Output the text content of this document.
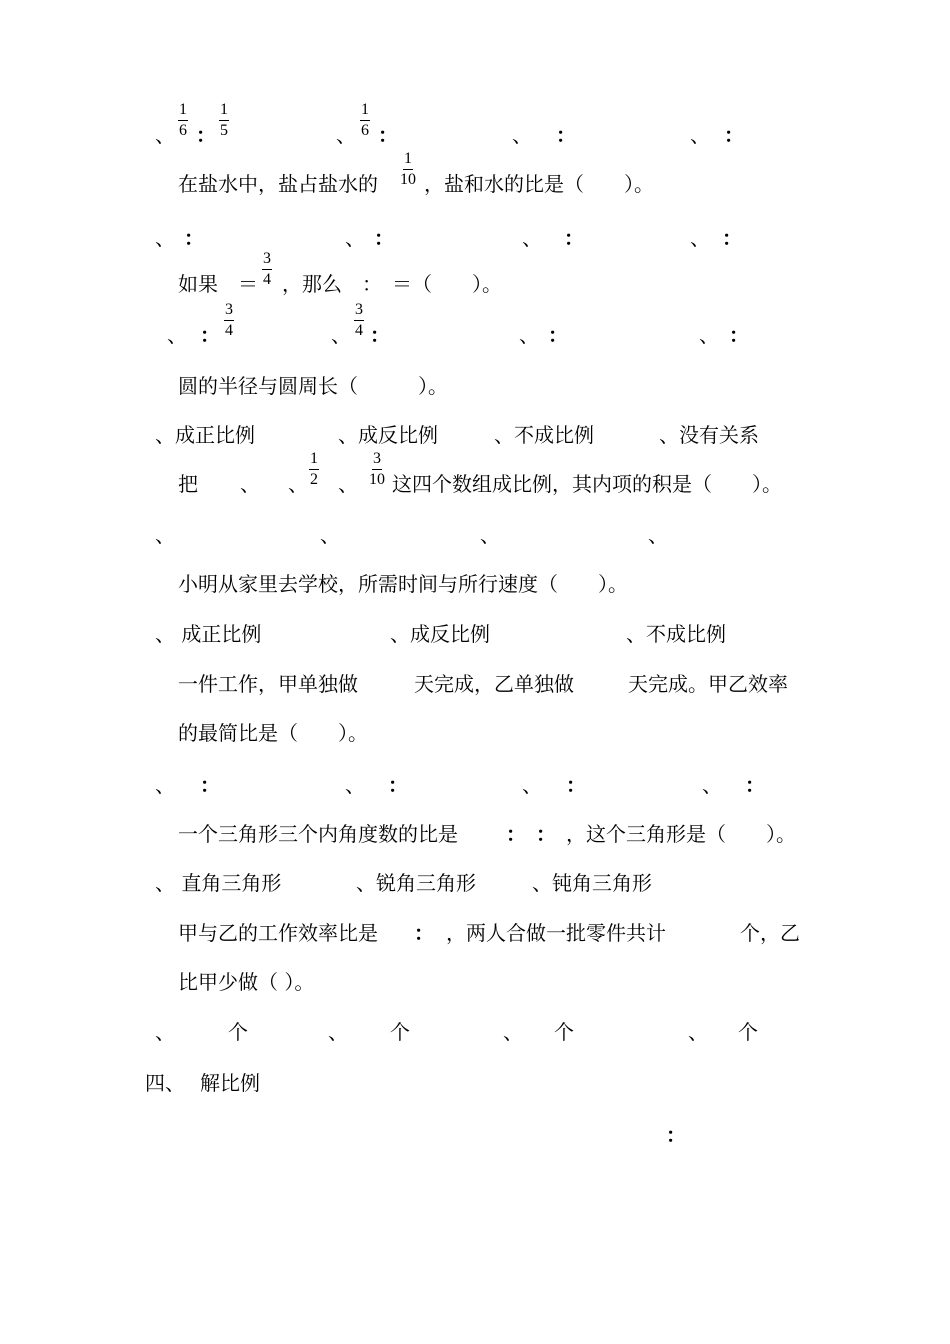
、 $\frac{1}{6}$ ： $\frac{1}{5}$	、 $\frac{1}{6}$ ：	、 ：	、 ：
在盐水中，盐占盐水的 $\frac{1}{10}$ ，盐和水的比是（　　）。
、 ：	、 ：	、 ：	、 ：
如果　＝ $\frac{3}{4}$ ，那么　：　＝（　　）。
、 ： $\frac{3}{4}$	、 $\frac{3}{4}$ ：	、 ：	、 ：
圆的半径与圆周长（　　　）。
、成正比例	、成反比例	、不成比例	、没有关系
把 、 、 $\frac{1}{2}$ 、 $\frac{3}{10}$ 这四个数组成比例，其内项的积是（　　）。
、	、	、	、
小明从家里去学校，所需时间与所行速度（　　）。
、 成正比例	、成反比例	、不成比例
一件工作，甲单独做	天完成，乙单独做	天完成。甲乙效率
的最简比是（　　）。
、 ：	、 ：	、 ：	、 ：
一个三角形三个内角度数的比是 ： ： ，这个三角形是（　　）。
、 直角三角形	、锐角三角形	、钝角三角形
甲与乙的工作效率比是 ： ，两人合做一批零件共计	个，乙
比甲少做（ ）。
、	个	、 个	、 个	、 个
四、 解比例
：
